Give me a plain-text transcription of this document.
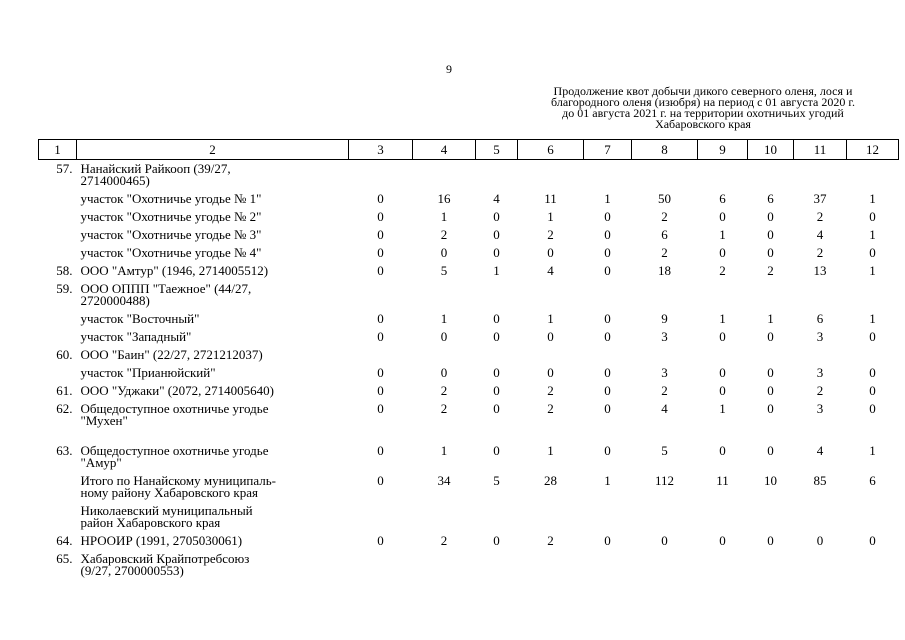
9
Продолжение квот добычи дикого северного оленя, лося и
благородного оленя (изюбря) на период с 01 августа 2020 г.
до 01 августа 2021 г. на территории охотничьих угодий
Хабаровского края
1	2	3	4	5	6	7	8	9	10	11	12
57.	Нанайский Райкооп (39/27,
2714000465)										

	участок "Охотничье угодье № 1"	0	16	4	11	1	50	6	6	37	1

	участок "Охотничье угодье № 2"	0	1	0	1	0	2	0	0	2	0

	участок "Охотничье угодье № 3"	0	2	0	2	0	6	1	0	4	1

	участок "Охотничье угодье № 4"	0	0	0	0	0	2	0	0	2	0
58.	ООО "Амтур" (1946, 2714005512)	0	5	1	4	0	18	2	2	13	1
59.	ООО ОППП "Таежное" (44/27,
2720000488)										

	участок "Восточный"	0	1	0	1	0	9	1	1	6	1

	участок "Западный"	0	0	0	0	0	3	0	0	3	0
60.	ООО "Баин" (22/27, 2721212037)										

	участок "Прианюйский"	0	0	0	0	0	3	0	0	3	0
61.	ООО "Уджаки" (2072, 2714005640)	0	2	0	2	0	2	0	0	2	0
62.	Общедоступное охотничье угодье
"Мухен"	0	2	0	2	0	4	1	0	3	0
63.	Общедоступное охотничье угодье
"Амур"	0	1	0	1	0	5	0	0	4	1

	Итого по Нанайскому муниципаль-
ному району Хабаровского края	0	34	5	28	1	112	11	10	85	6

	Николаевский муниципальный
район Хабаровского края										

64.	НРООИР (1991, 2705030061)	0	2	0	2	0	0	0	0	0	0
65.	Хабаровский Крайпотребсоюз
(9/27, 2700000553)										
